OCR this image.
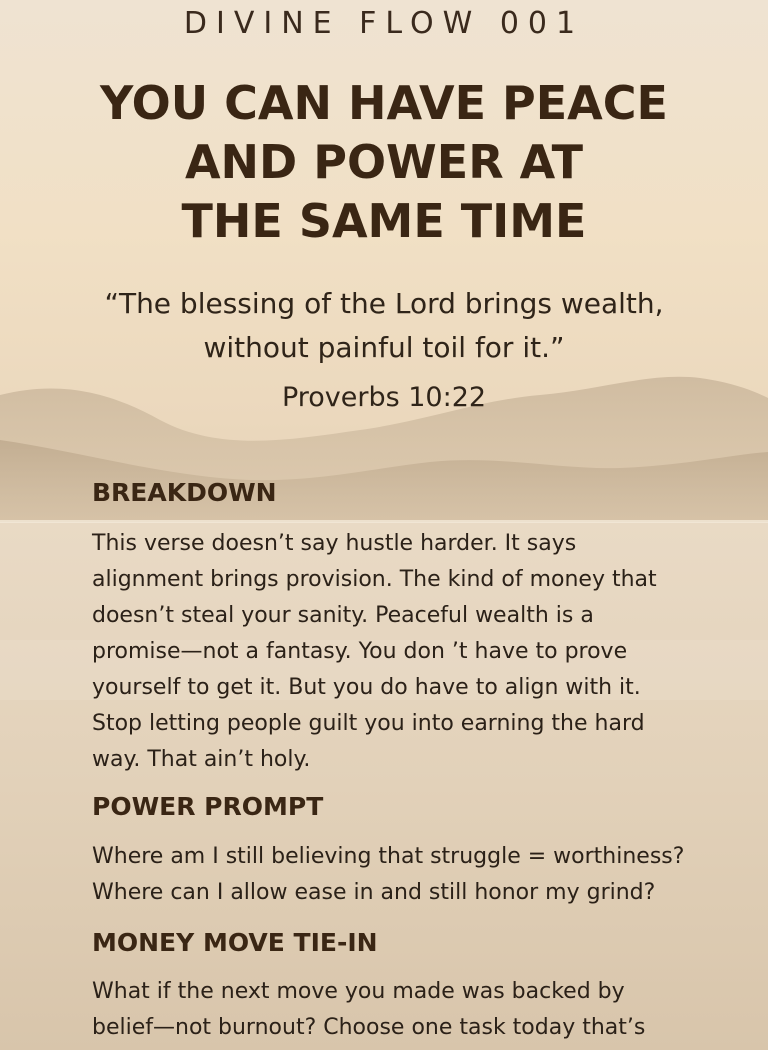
DIVINE FLOW 001
YOU CAN HAVE PEACE
AND POWER AT
THE SAME TIME
“The blessing of the Lord brings wealth,
without painful toil for it.”
Proverbs 10:22
BREAKDOWN
This verse doesn’t say hustle harder. It says
alignment brings provision. The kind of money that
doesn’t steal your sanity. Peaceful wealth is a
promise—not a fantasy. You don ’t have to prove
yourself to get it. But you do have to align with it.
Stop letting people guilt you into earning the hard
way. That ain’t holy.
POWER PROMPT
Where am I still believing that struggle = worthiness?
Where can I allow ease in and still honor my grind?
MONEY MOVE TIE-IN
What if the next move you made was backed by
belief—not burnout? Choose one task today that’s
